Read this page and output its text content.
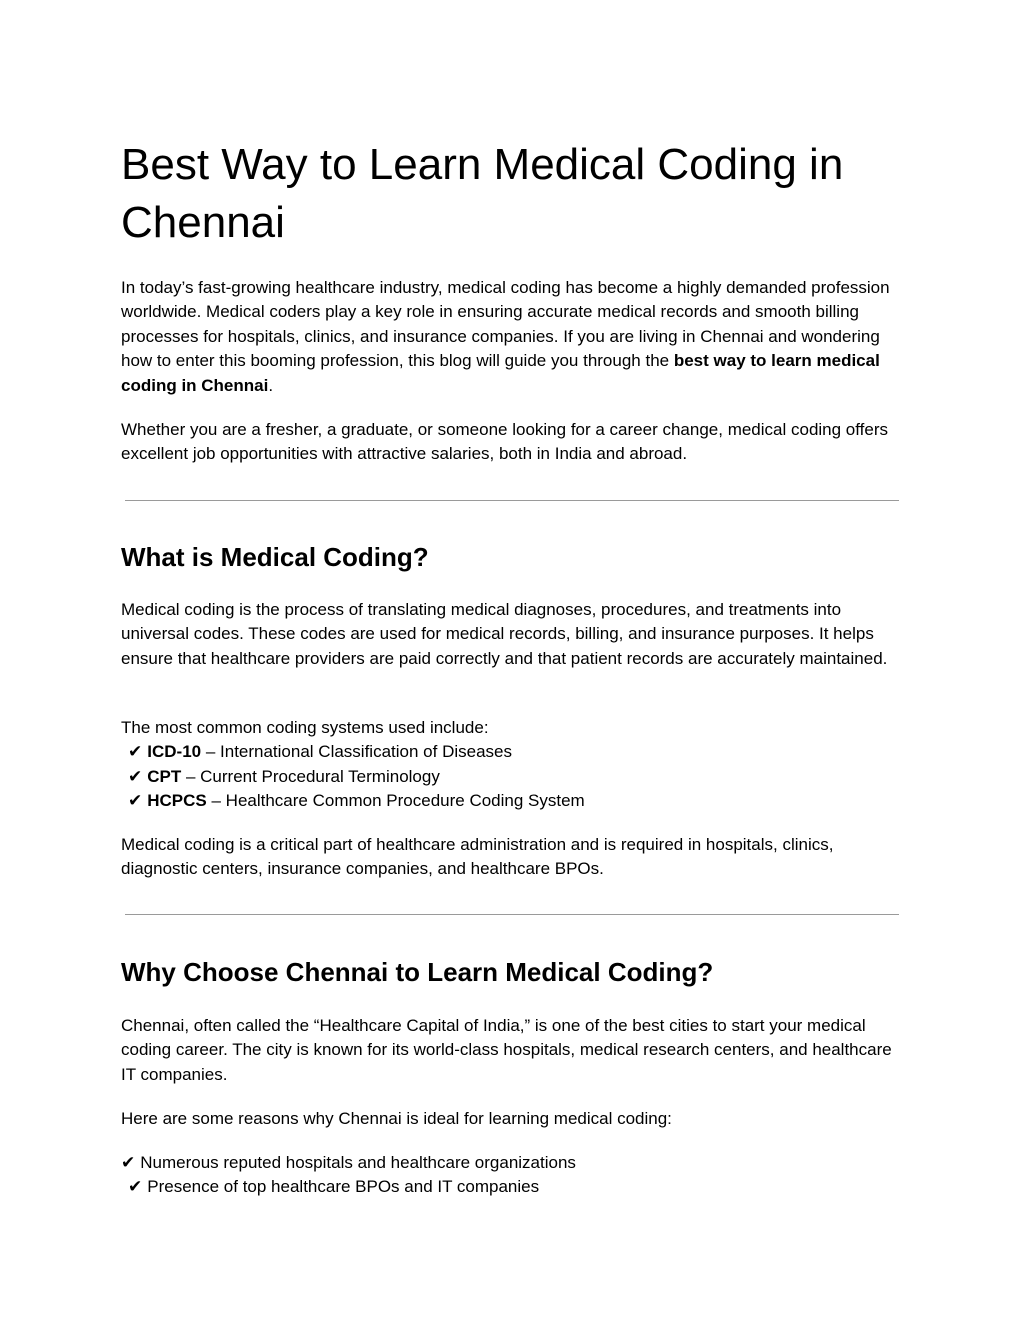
Best Way to Learn Medical Coding in Chennai

In today’s fast-growing healthcare industry, medical coding has become a highly demanded profession worldwide. Medical coders play a key role in ensuring accurate medical records and smooth billing processes for hospitals, clinics, and insurance companies. If you are living in Chennai and wondering how to enter this booming profession, this blog will guide you through the best way to learn medical coding in Chennai.

Whether you are a fresher, a graduate, or someone looking for a career change, medical coding offers excellent job opportunities with attractive salaries, both in India and abroad.

What is Medical Coding?

Medical coding is the process of translating medical diagnoses, procedures, and treatments into universal codes. These codes are used for medical records, billing, and insurance purposes. It helps ensure that healthcare providers are paid correctly and that patient records are accurately maintained.

The most common coding systems used include:
✔ ICD-10 – International Classification of Diseases
✔ CPT – Current Procedural Terminology
✔ HCPCS – Healthcare Common Procedure Coding System

Medical coding is a critical part of healthcare administration and is required in hospitals, clinics, diagnostic centers, insurance companies, and healthcare BPOs.

Why Choose Chennai to Learn Medical Coding?

Chennai, often called the “Healthcare Capital of India,” is one of the best cities to start your medical coding career. The city is known for its world-class hospitals, medical research centers, and healthcare IT companies.

Here are some reasons why Chennai is ideal for learning medical coding:

✔ Numerous reputed hospitals and healthcare organizations
✔ Presence of top healthcare BPOs and IT companies
